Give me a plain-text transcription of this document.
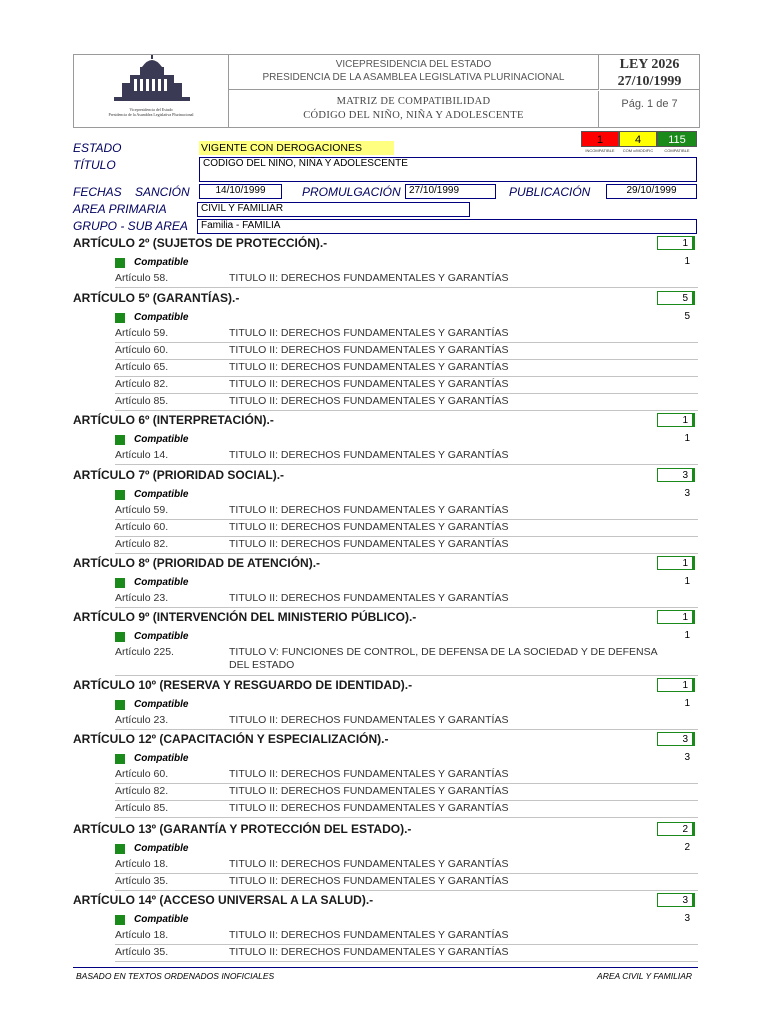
Vicepresidencia del Estado
Presidencia de la Asamblea Legislativa Plurinacional
VICEPRESIDENCIA DEL ESTADO
PRESIDENCIA DE LA ASAMBLEA LEGISLATIVA PLURINACIONAL
MATRIZ DE COMPATIBILIDAD
CÓDIGO DEL NIÑO, NIÑA Y ADOLESCENTE
LEY 2026
27/10/1999
Pág. 1 de 7
1	4	115
INCOMPATIBLE	COM c/MODIFIC	COMPATIBLE
ESTADO	VIGENTE CON DEROGACIONES
TÍTULO	CODIGO DEL NIÑO, NIÑA Y ADOLESCENTE
FECHAS    SANCIÓN	14/10/1999	PROMULGACIÓN 27/10/1999	PUBLICACIÓN	29/10/1999
AREA PRIMARIA	CIVIL Y FAMILIAR
GRUPO - SUB AREA	Familia - FAMILIA
ARTÍCULO 2º (SUJETOS DE PROTECCIÓN).-	1
Compatible	1
Artículo 58.	TITULO II: DERECHOS FUNDAMENTALES Y GARANTÍAS
ARTÍCULO 5º (GARANTÍAS).-	5
Compatible	5
Artículo 59.	TITULO II: DERECHOS FUNDAMENTALES Y GARANTÍAS
Artículo 60.	TITULO II: DERECHOS FUNDAMENTALES Y GARANTÍAS
Artículo 65.	TITULO II: DERECHOS FUNDAMENTALES Y GARANTÍAS
Artículo 82.	TITULO II: DERECHOS FUNDAMENTALES Y GARANTÍAS
Artículo 85.	TITULO II: DERECHOS FUNDAMENTALES Y GARANTÍAS
ARTÍCULO 6º (INTERPRETACIÓN).-	1
Compatible	1
Artículo 14.	TITULO II: DERECHOS FUNDAMENTALES Y GARANTÍAS
ARTÍCULO 7º (PRIORIDAD SOCIAL).-	3
Compatible	3
Artículo 59.	TITULO II: DERECHOS FUNDAMENTALES Y GARANTÍAS
Artículo 60.	TITULO II: DERECHOS FUNDAMENTALES Y GARANTÍAS
Artículo 82.	TITULO II: DERECHOS FUNDAMENTALES Y GARANTÍAS
ARTÍCULO 8º (PRIORIDAD DE ATENCIÓN).-	1
Compatible	1
Artículo 23.	TITULO II: DERECHOS FUNDAMENTALES Y GARANTÍAS
ARTÍCULO 9º (INTERVENCIÓN DEL MINISTERIO PÚBLICO).-	1
Compatible	1
Artículo 225.	TITULO V: FUNCIONES DE CONTROL, DE DEFENSA DE LA SOCIEDAD Y DE DEFENSA DEL ESTADO
ARTÍCULO 10º (RESERVA Y RESGUARDO DE IDENTIDAD).-	1
Compatible	1
Artículo 23.	TITULO II: DERECHOS FUNDAMENTALES Y GARANTÍAS
ARTÍCULO 12º (CAPACITACIÓN Y ESPECIALIZACIÓN).-	3
Compatible	3
Artículo 60.	TITULO II: DERECHOS FUNDAMENTALES Y GARANTÍAS
Artículo 82.	TITULO II: DERECHOS FUNDAMENTALES Y GARANTÍAS
Artículo 85.	TITULO II: DERECHOS FUNDAMENTALES Y GARANTÍAS
ARTÍCULO 13º (GARANTÍA Y PROTECCIÓN DEL ESTADO).-	2
Compatible	2
Artículo 18.	TITULO II: DERECHOS FUNDAMENTALES Y GARANTÍAS
Artículo 35.	TITULO II: DERECHOS FUNDAMENTALES Y GARANTÍAS
ARTÍCULO 14º (ACCESO UNIVERSAL A LA SALUD).-	3
Compatible	3
Artículo 18.	TITULO II: DERECHOS FUNDAMENTALES Y GARANTÍAS
Artículo 35.	TITULO II: DERECHOS FUNDAMENTALES Y GARANTÍAS
BASADO EN TEXTOS ORDENADOS INOFICIALES	AREA CIVIL Y FAMILIAR
